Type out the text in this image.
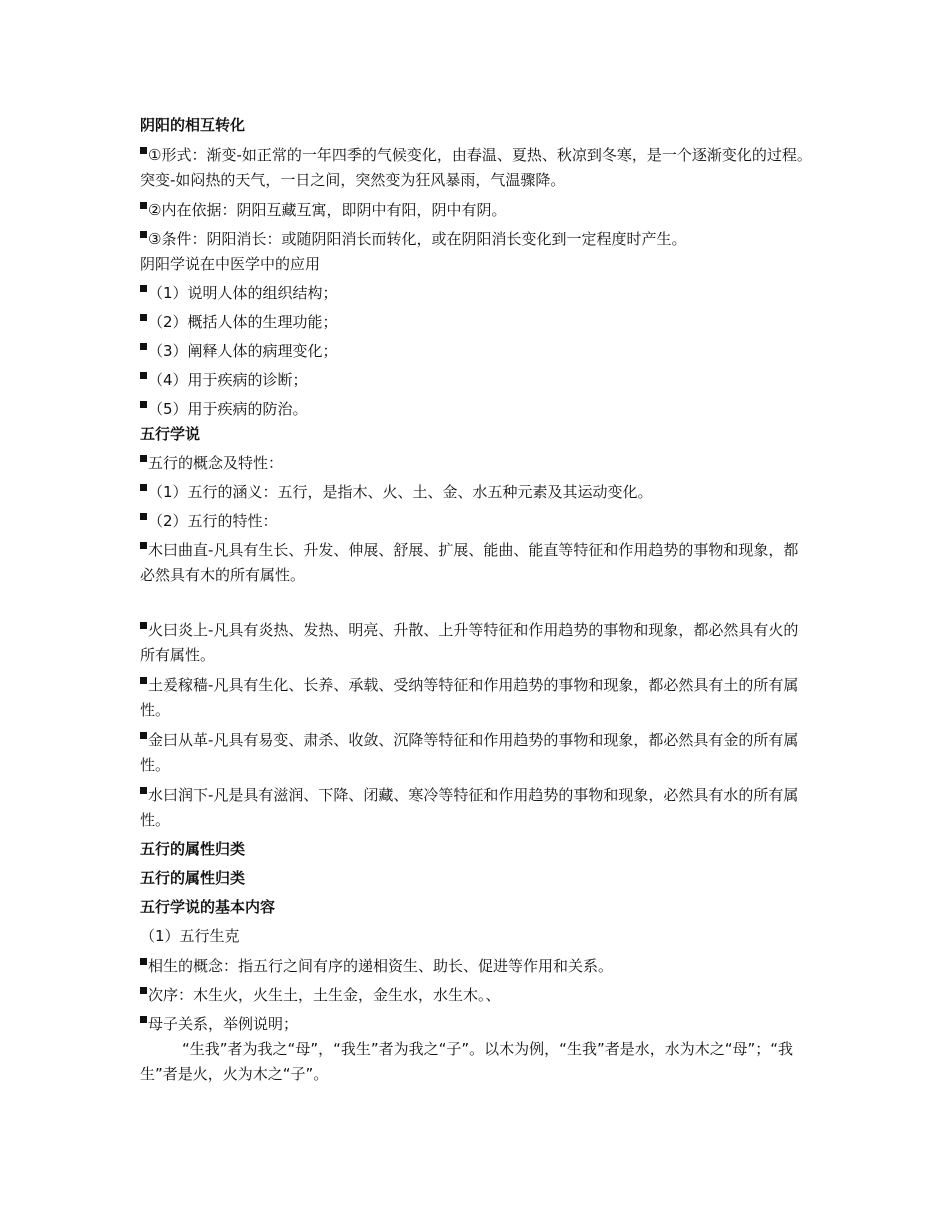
阴阳的相互转化

①形式：渐变-如正常的一年四季的气候变化，由春温、夏热、秋凉到冬寒，是一个逐渐变化的过程。突变-如闷热的天气，一日之间，突然变为狂风暴雨，气温骤降。

②内在依据：阴阳互藏互寓，即阴中有阳，阴中有阴。

③条件：阴阳消长：或随阴阳消长而转化，或在阴阳消长变化到一定程度时产生。

阴阳学说在中医学中的应用

（1）说明人体的组织结构；

（2）概括人体的生理功能；

（3）阐释人体的病理变化；

（4）用于疾病的诊断；

（5）用于疾病的防治。

五行学说

五行的概念及特性：

（1）五行的涵义：五行，是指木、火、土、金、水五种元素及其运动变化。

（2）五行的特性：

木曰曲直-凡具有生长、升发、伸展、舒展、扩展、能曲、能直等特征和作用趋势的事物和现象，都必然具有木的所有属性。

火曰炎上-凡具有炎热、发热、明亮、升散、上升等特征和作用趋势的事物和现象，都必然具有火的所有属性。

土爰稼穑-凡具有生化、长养、承载、受纳等特征和作用趋势的事物和现象，都必然具有土的所有属性。

金曰从革-凡具有易变、肃杀、收敛、沉降等特征和作用趋势的事物和现象，都必然具有金的所有属性。

水曰润下-凡是具有滋润、下降、闭藏、寒冷等特征和作用趋势的事物和现象，必然具有水的所有属性。

五行的属性归类

五行的属性归类

五行学说的基本内容

（1）五行生克

相生的概念：指五行之间有序的递相资生、助长、促进等作用和关系。

次序：木生火，火生土，土生金，金生水，水生木。、

母子关系，举例说明；

“生我”者为我之“母”，“我生”者为我之“子”。以木为例，“生我”者是水，水为木之“母”；“我生”者是火，火为木之“子”。
